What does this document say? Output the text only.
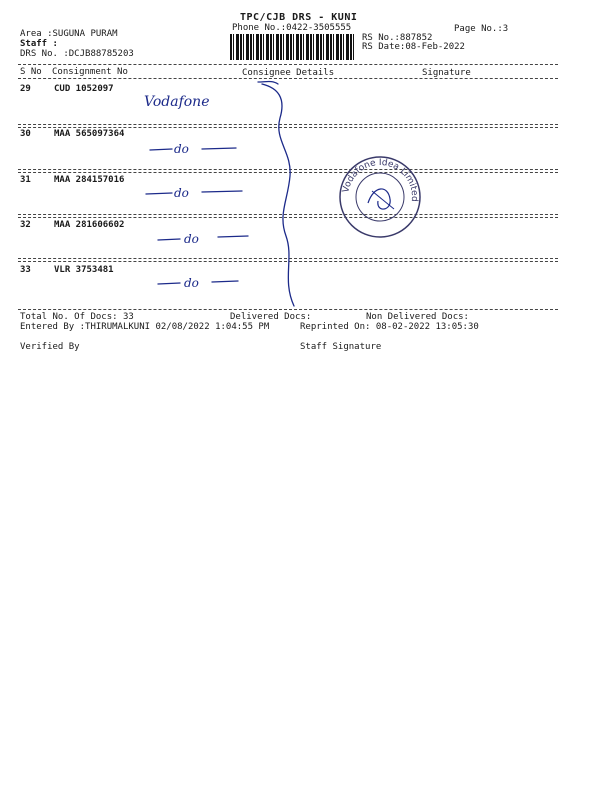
TPC/CJB DRS - KUNI
Phone No.:0422-3505555	Page No.:3
Area :SUGUNA PURAM
Staff :
RS No.:887852
RS Date:08-Feb-2022
DRS No. :DCJB88785203
S No Consignment No	Consignee Details	Signature
29	CUD 1052097
30	MAA 565097364
31	MAA 284157016
32	MAA 281606602
33	VLR 3753481
Vodafone
do
do
do
do
Vodafone Idea Limited
Total No. Of Docs: 33	Delivered Docs:	Non Delivered Docs:
Entered By :THIRUMALKUNI 02/08/2022 1:04:55 PM	Reprinted On: 08-02-2022 13:05:30
Verified By	Staff Signature
